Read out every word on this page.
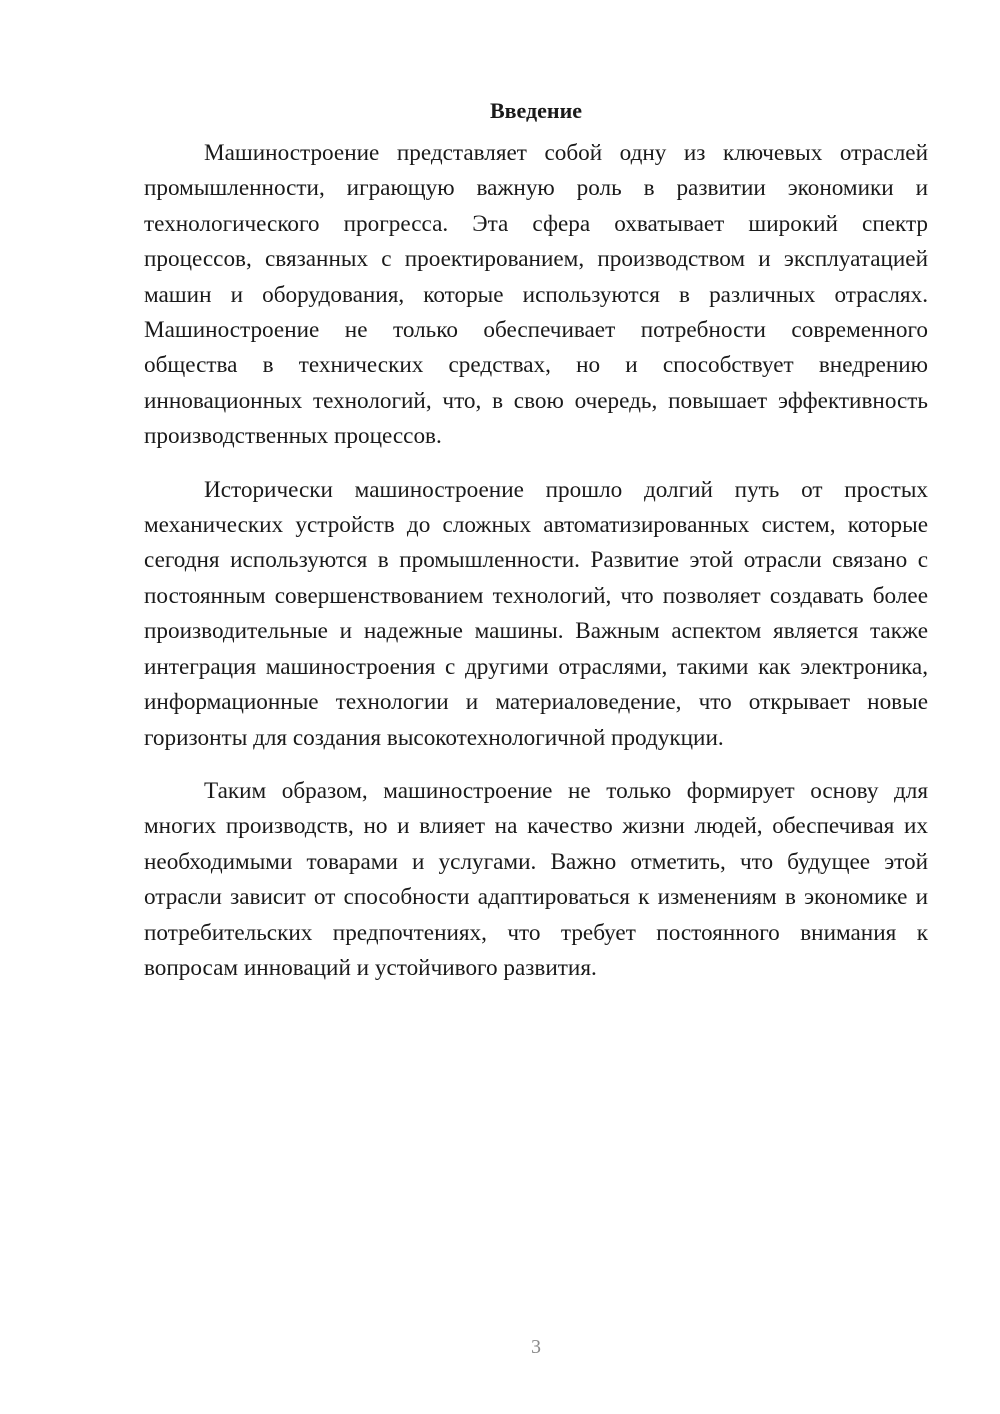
Введение

Машиностроение представляет собой одну из ключевых отраслей промышленности, играющую важную роль в развитии экономики и технологического прогресса. Эта сфера охватывает широкий спектр процессов, связанных с проектированием, производством и эксплуатацией машин и оборудования, которые используются в различных отраслях. Машиностроение не только обеспечивает потребности современного общества в технических средствах, но и способствует внедрению инновационных технологий, что, в свою очередь, повышает эффективность производственных процессов.

Исторически машиностроение прошло долгий путь от простых механических устройств до сложных автоматизированных систем, которые сегодня используются в промышленности. Развитие этой отрасли связано с постоянным совершенствованием технологий, что позволяет создавать более производительные и надежные машины. Важным аспектом является также интеграция машиностроения с другими отраслями, такими как электроника, информационные технологии и материаловедение, что открывает новые горизонты для создания высокотехнологичной продукции.

Таким образом, машиностроение не только формирует основу для многих производств, но и влияет на качество жизни людей, обеспечивая их необходимыми товарами и услугами. Важно отметить, что будущее этой отрасли зависит от способности адаптироваться к изменениям в экономике и потребительских предпочтениях, что требует постоянного внимания к вопросам инноваций и устойчивого развития.

3
